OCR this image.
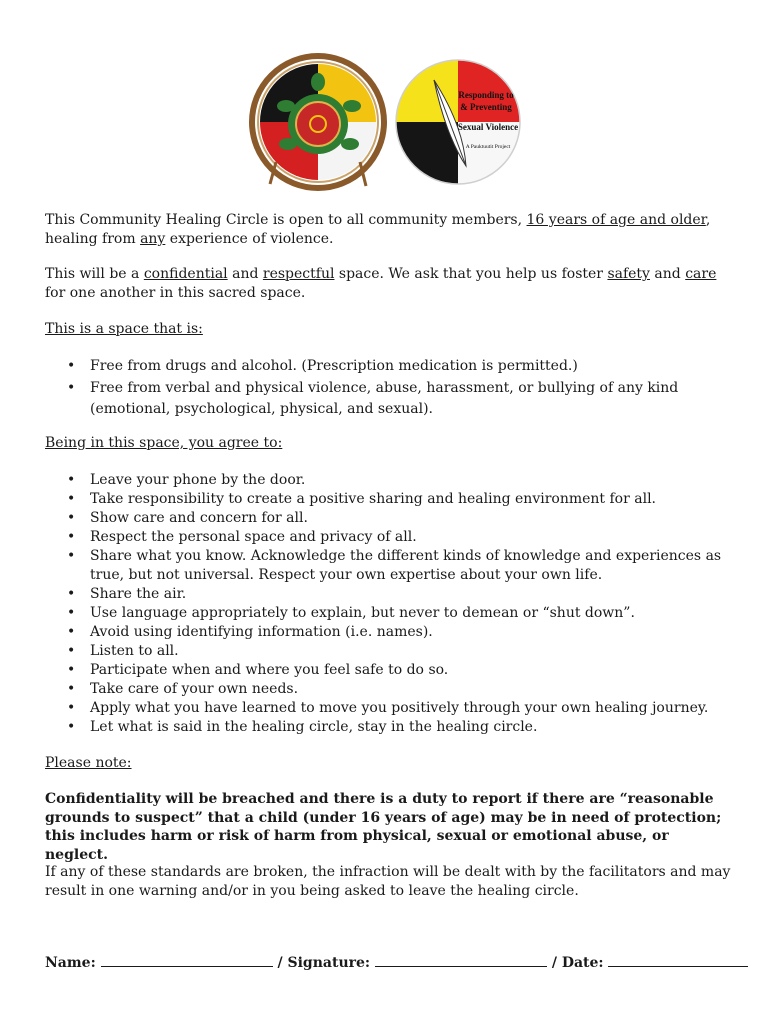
Responding to
& Preventing
Sexual Violence
A Pauktuutit Project

This Community Healing Circle is open to all community members, 16 years of age and older, healing from any experience of violence.

This will be a confidential and respectful space. We ask that you help us foster safety and care for one another in this sacred space.

This is a space that is:

• Free from drugs and alcohol. (Prescription medication is permitted.)
• Free from verbal and physical violence, abuse, harassment, or bullying of any kind (emotional, psychological, physical, and sexual).

Being in this space, you agree to:

• Leave your phone by the door.
• Take responsibility to create a positive sharing and healing environment for all.
• Show care and concern for all.
• Respect the personal space and privacy of all.
• Share what you know. Acknowledge the different kinds of knowledge and experiences as true, but not universal. Respect your own expertise about your own life.
• Share the air.
• Use language appropriately to explain, but never to demean or “shut down”.
• Avoid using identifying information (i.e. names).
• Listen to all.
• Participate when and where you feel safe to do so.
• Take care of your own needs.
• Apply what you have learned to move you positively through your own healing journey.
• Let what is said in the healing circle, stay in the healing circle.

Please note:

Confidentiality will be breached and there is a duty to report if there are “reasonable grounds to suspect” that a child (under 16 years of age) may be in need of protection; this includes harm or risk of harm from physical, sexual or emotional abuse, or neglect.

If any of these standards are broken, the infraction will be dealt with by the facilitators and may result in one warning and/or in you being asked to leave the healing circle.

Name:	/ Signature:	/ Date:
